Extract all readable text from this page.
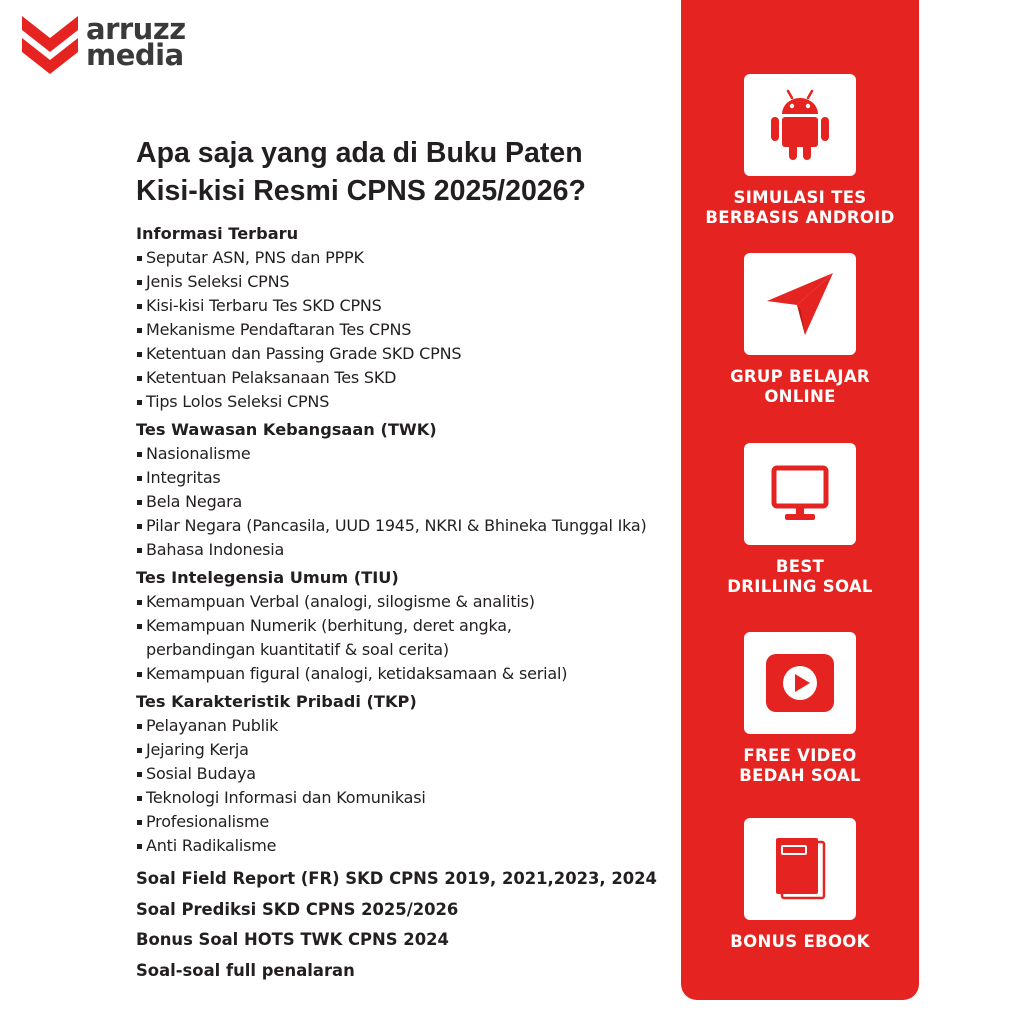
arruzz
media
Apa saja yang ada di Buku Paten
Kisi-kisi Resmi CPNS 2025/2026?
Informasi Terbaru
Seputar ASN, PNS dan PPPK
Jenis Seleksi CPNS
Kisi-kisi Terbaru Tes SKD CPNS
Mekanisme Pendaftaran Tes CPNS
Ketentuan dan Passing Grade SKD CPNS
Ketentuan Pelaksanaan Tes SKD
Tips Lolos Seleksi CPNS
Tes Wawasan Kebangsaan (TWK)
Nasionalisme
Integritas
Bela Negara
Pilar Negara (Pancasila, UUD 1945, NKRI & Bhineka Tunggal Ika)
Bahasa Indonesia
Tes Intelegensia Umum (TIU)
Kemampuan Verbal (analogi, silogisme & analitis)
Kemampuan Numerik (berhitung, deret angka,
perbandingan kuantitatif & soal cerita)
Kemampuan figural (analogi, ketidaksamaan & serial)
Tes Karakteristik Pribadi (TKP)
Pelayanan Publik
Jejaring Kerja
Sosial Budaya
Teknologi Informasi dan Komunikasi
Profesionalisme
Anti Radikalisme
Soal Field Report (FR) SKD CPNS 2019, 2021,2023, 2024
Soal Prediksi SKD CPNS 2025/2026
Bonus Soal HOTS TWK CPNS 2024
Soal-soal full penalaran
SIMULASI TES
BERBASIS ANDROID
GRUP BELAJAR
ONLINE
BEST
DRILLING SOAL
FREE VIDEO
BEDAH SOAL
BONUS EBOOK
